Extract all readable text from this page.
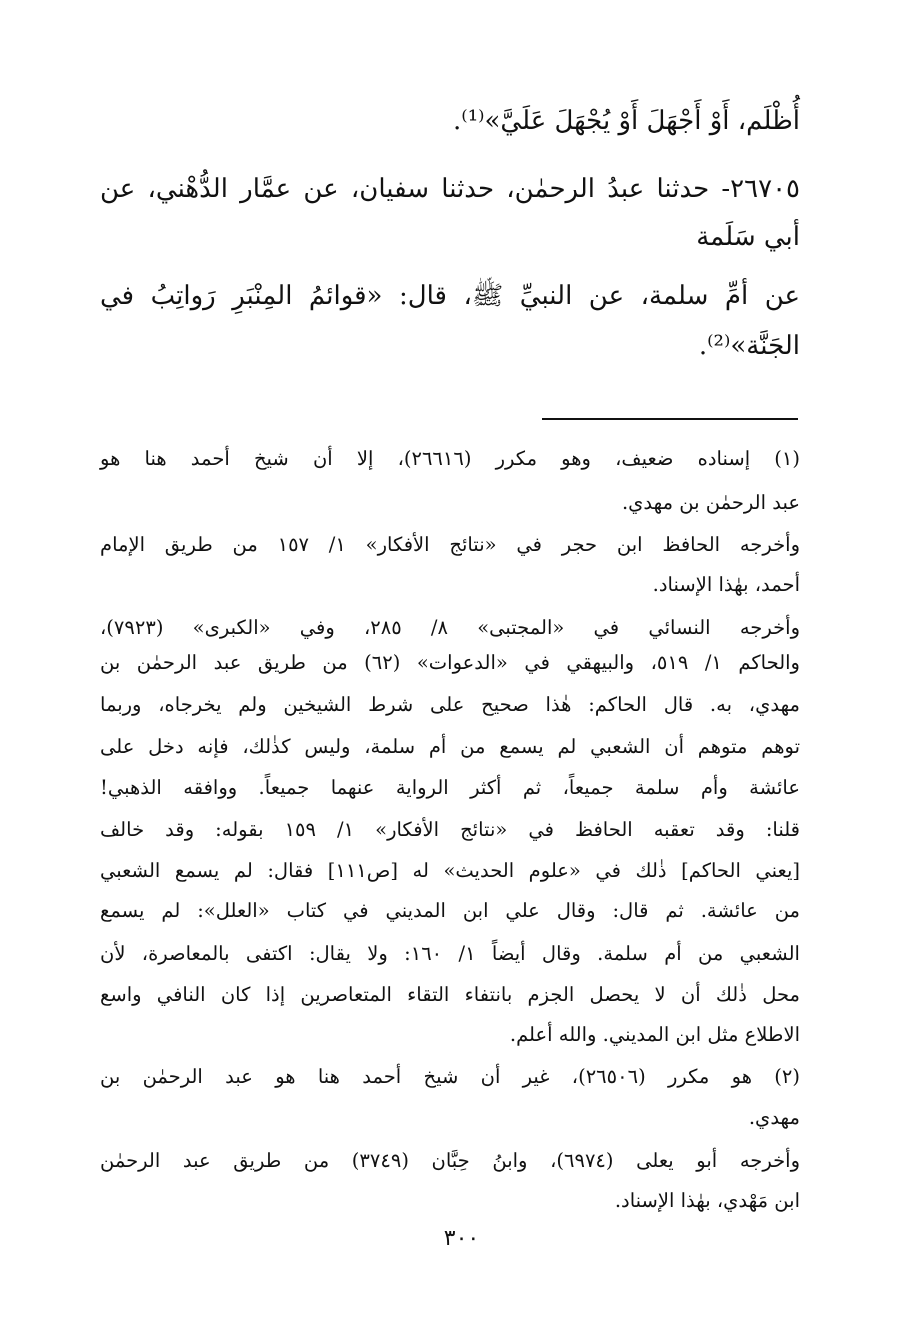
أُظْلَم، أَوْ أَجْهَلَ أَوْ يُجْهَلَ عَلَيَّ»⁽¹⁾.
٢٦٧٠٥- حدثنا عبدُ الرحمٰن، حدثنا سفيان، عن عمَّار الدُّهْني، عن
أبي سَلَمة
عن أمِّ سلمة، عن النبيِّ ﷺ، قال: «قوائمُ المِنْبَرِ رَواتِبُ في
الجَنَّة»⁽²⁾.
(١) إسناده ضعيف، وهو مكرر (٢٦٦١٦)، إلا أن شيخ أحمد هنا هو
عبد الرحمٰن بن مهدي.
وأخرجه الحافظ ابن حجر في «نتائج الأفكار» ١/ ١٥٧ من طريق الإمام
أحمد، بهٰذا الإسناد.
وأخرجه النسائي في «المجتبى» ٨/ ٢٨٥، وفي «الكبرى» (٧٩٢٣)،
والحاكم ١/ ٥١٩، والبيهقي في «الدعوات» (٦٢) من طريق عبد الرحمٰن بن
مهدي، به. قال الحاكم: هٰذا صحيح على شرط الشيخين ولم يخرجاه، وربما
توهم متوهم أن الشعبي لم يسمع من أم سلمة، وليس كذٰلك، فإنه دخل على
عائشة وأم سلمة جميعاً، ثم أكثر الرواية عنهما جميعاً. ووافقه الذهبي!
قلنا: وقد تعقبه الحافظ في «نتائج الأفكار» ١/ ١٥٩ بقوله: وقد خالف
[يعني الحاكم] ذٰلك في «علوم الحديث» له [ص١١١] فقال: لم يسمع الشعبي
من عائشة. ثم قال: وقال علي ابن المديني في كتاب «العلل»: لم يسمع
الشعبي من أم سلمة. وقال أيضاً ١/ ١٦٠: ولا يقال: اكتفى بالمعاصرة، لأن
محل ذٰلك أن لا يحصل الجزم بانتفاء التقاء المتعاصرين إذا كان النافي واسع
الاطلاع مثل ابن المديني. والله أعلم.
(٢) هو مكرر (٢٦٥٠٦)، غير أن شيخ أحمد هنا هو عبد الرحمٰن بن
مهدي.
وأخرجه أبو يعلى (٦٩٧٤)، وابنُ حِبَّان (٣٧٤٩) من طريق عبد الرحمٰن
ابن مَهْدي، بهٰذا الإسناد.
٣٠٠
